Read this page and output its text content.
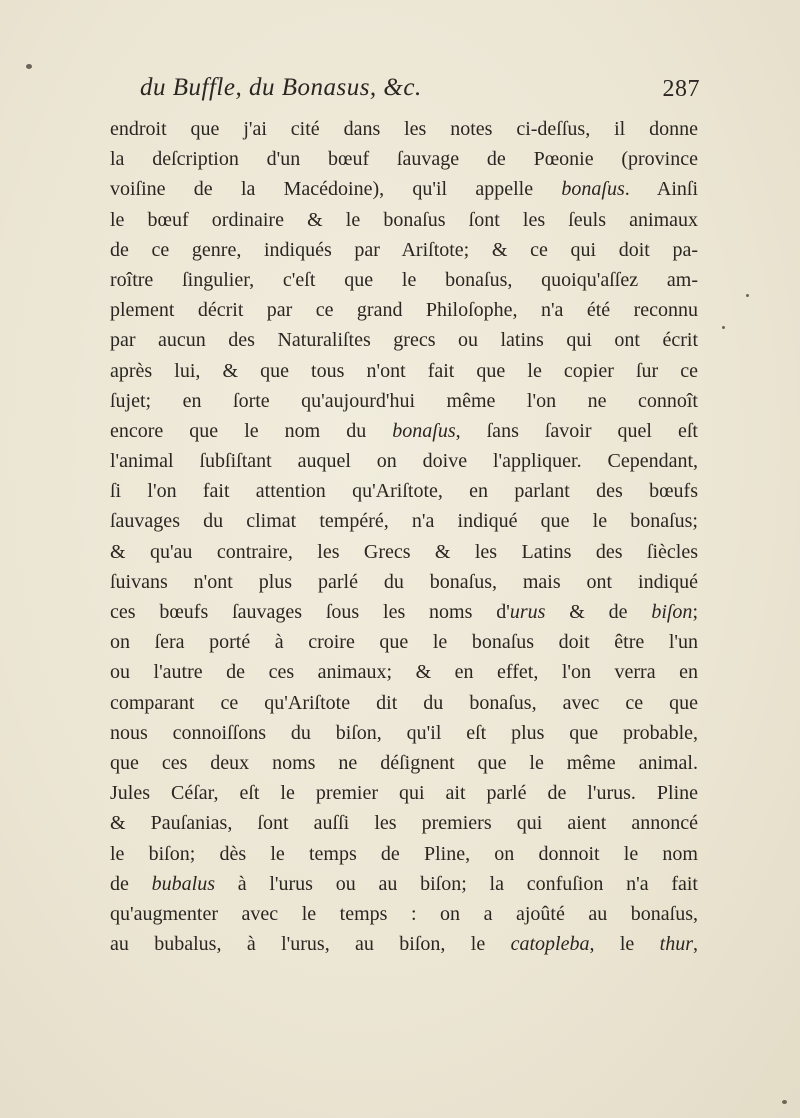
du Buffle, du Bonasus, &c.	287
endroit que j'ai cité dans les notes ci-deſſus, il donne
la deſcription d'un bœuf ſauvage de Pœonie (province
voiſine de la Macédoine), qu'il appelle bonaſus. Ainſi
le bœuf ordinaire & le bonaſus ſont les ſeuls animaux
de ce genre, indiqués par Ariſtote; & ce qui doit pa-
roître ſingulier, c'eſt que le bonaſus, quoiqu'aſſez am-
plement décrit par ce grand Philoſophe, n'a été reconnu
par aucun des Naturaliſtes grecs ou latins qui ont écrit
après lui, & que tous n'ont fait que le copier ſur ce
ſujet; en ſorte qu'aujourd'hui même l'on ne connoît
encore que le nom du bonaſus, ſans ſavoir quel eſt
l'animal ſubſiſtant auquel on doive l'appliquer. Cependant,
ſi l'on fait attention qu'Ariſtote, en parlant des bœufs
ſauvages du climat tempéré, n'a indiqué que le bonaſus;
& qu'au contraire, les Grecs & les Latins des ſiècles
ſuivans n'ont plus parlé du bonaſus, mais ont indiqué
ces bœufs ſauvages ſous les noms d'urus & de biſon;
on ſera porté à croire que le bonaſus doit être l'un
ou l'autre de ces animaux; & en effet, l'on verra en
comparant ce qu'Ariſtote dit du bonaſus, avec ce que
nous connoiſſons du biſon, qu'il eſt plus que probable,
que ces deux noms ne déſignent que le même animal.
Jules Céſar, eſt le premier qui ait parlé de l'urus. Pline
& Pauſanias, ſont auſſi les premiers qui aient annoncé
le biſon; dès le temps de Pline, on donnoit le nom
de bubalus à l'urus ou au biſon; la confuſion n'a fait
qu'augmenter avec le temps : on a ajoûté au bonaſus,
au bubalus, à l'urus, au biſon, le catopleba, le thur,
